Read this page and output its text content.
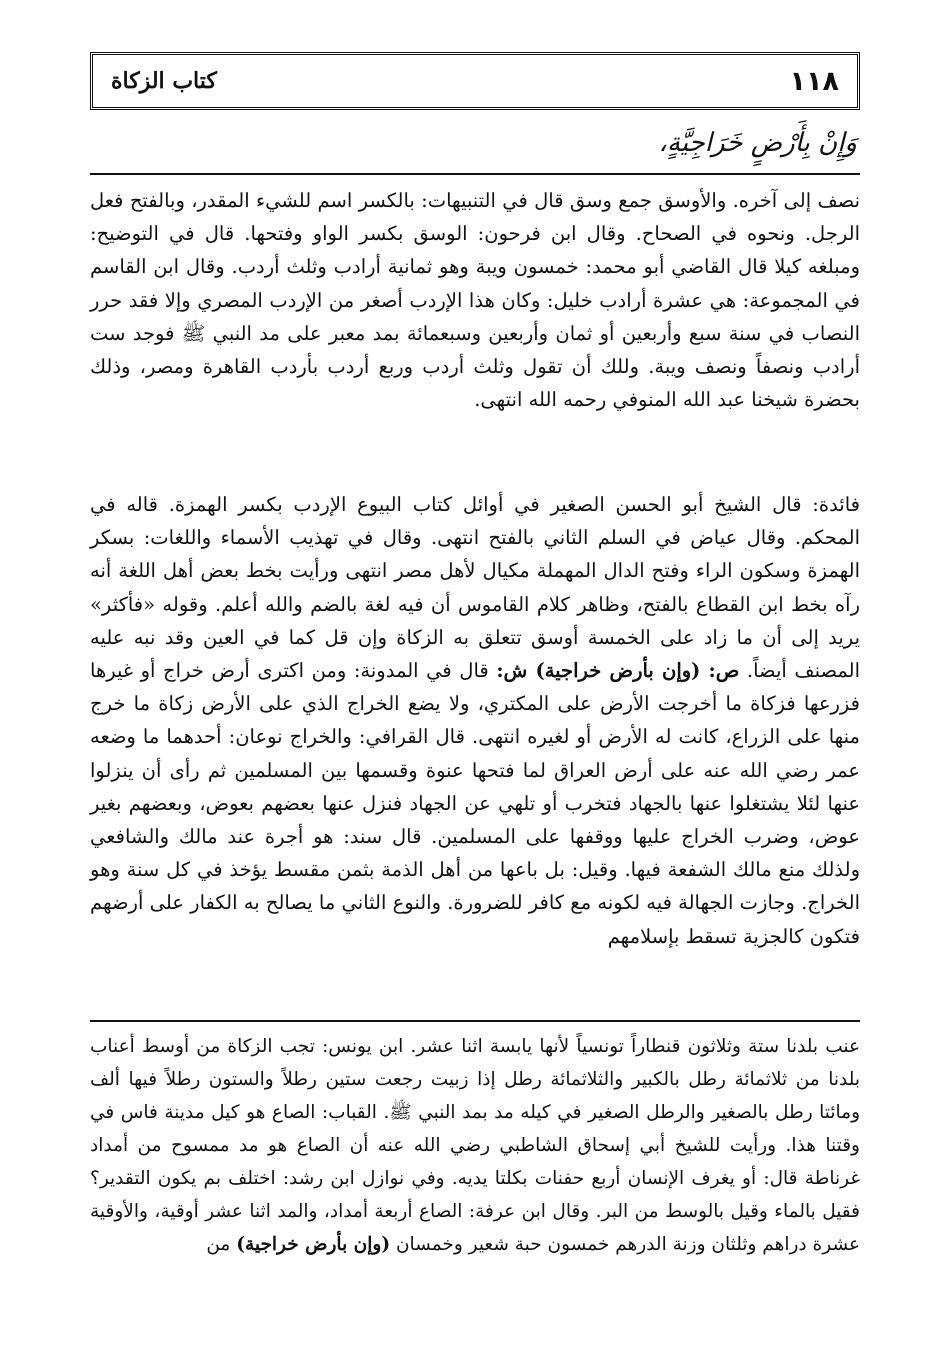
١١٨
كتاب الزكاة
وَإِنْ بِأَرْضٍ خَرَاجِيَّةٍ،

نصف إلى آخره. والأوسق جمع وسق قال في التنبيهات: بالكسر اسم للشيء المقدر، وبالفتح فعل الرجل. ونحوه في الصحاح. وقال ابن فرحون: الوسق بكسر الواو وفتحها. قال في التوضيح: ومبلغه كيلا قال القاضي أبو محمد: خمسون ويبة وهو ثمانية أرادب وثلث أردب. وقال ابن القاسم في المجموعة: هي عشرة أرادب خليل: وكان هذا الإردب أصغر من الإردب المصري وإلا فقد حرر النصاب في سنة سبع وأربعين أو ثمان وأربعين وسبعمائة بمد معبر على مد النبي ﷺ فوجد ست أرادب ونصفاً ونصف ويبة. وللك أن تقول وثلث أردب وربع أردب بأردب القاهرة ومصر، وذلك بحضرة شيخنا عبد الله المنوفي رحمه الله انتهى.

فائدة: قال الشيخ أبو الحسن الصغير في أوائل كتاب البيوع الإردب بكسر الهمزة. قاله في المحكم. وقال عياض في السلم الثاني بالفتح انتهى. وقال في تهذيب الأسماء واللغات: بسكر الهمزة وسكون الراء وفتح الدال المهملة مكيال لأهل مصر انتهى ورأيت بخط بعض أهل اللغة أنه رآه بخط ابن القطاع بالفتح، وظاهر كلام القاموس أن فيه لغة بالضم والله أعلم. وقوله «فأكثر» يريد إلى أن ما زاد على الخمسة أوسق تتعلق به الزكاة وإن قل كما في العين وقد نبه عليه المصنف أيضاً. ص: (وإن بأرض خراجية) ش: قال في المدونة: ومن اكترى أرض خراج أو غيرها فزرعها فزكاة ما أخرجت الأرض على المكتري، ولا يضع الخراج الذي على الأرض زكاة ما خرج منها على الزراع، كانت له الأرض أو لغيره انتهى. قال القرافي: والخراج نوعان: أحدهما ما وضعه عمر رضي الله عنه على أرض العراق لما فتحها عنوة وقسمها بين المسلمين ثم رأى أن ينزلوا عنها لئلا يشتغلوا عنها بالجهاد فتخرب أو تلهي عن الجهاد فنزل عنها بعضهم بعوض، وبعضهم بغير عوض، وضرب الخراج عليها ووقفها على المسلمين. قال سند: هو أجرة عند مالك والشافعي ولذلك منع مالك الشفعة فيها. وقيل: بل باعها من أهل الذمة بثمن مقسط يؤخذ في كل سنة وهو الخراج. وجازت الجهالة فيه لكونه مع كافر للضرورة. والنوع الثاني ما يصالح به الكفار على أرضهم فتكون كالجزية تسقط بإسلامهم

عنب بلدنا ستة وثلاثون قنطاراً تونسياً لأنها يابسة اثنا عشر. ابن يونس: تجب الزكاة من أوسط أعناب بلدنا من ثلاثمائة رطل بالكبير والثلاثمائة رطل إذا زبيت رجعت ستين رطلاً والستون رطلاً فيها ألف ومائتا رطل بالصغير والرطل الصغير في كيله مد بمد النبي ﷺ. القباب: الصاع هو كيل مدينة فاس في وقتنا هذا. ورأيت للشيخ أبي إسحاق الشاطبي رضي الله عنه أن الصاع هو مد ممسوح من أمداد غرناطة قال: أو يغرف الإنسان أربع حفنات بكلتا يديه. وفي نوازل ابن رشد: اختلف بم يكون التقدير؟ فقيل بالماء وقيل بالوسط من البر. وقال ابن عرفة: الصاع أربعة أمداد، والمد اثنا عشر أوقية، والأوقية عشرة دراهم وثلثان وزنة الدرهم خمسون حبة شعير وخمسان (وإن بأرض خراجية) من
